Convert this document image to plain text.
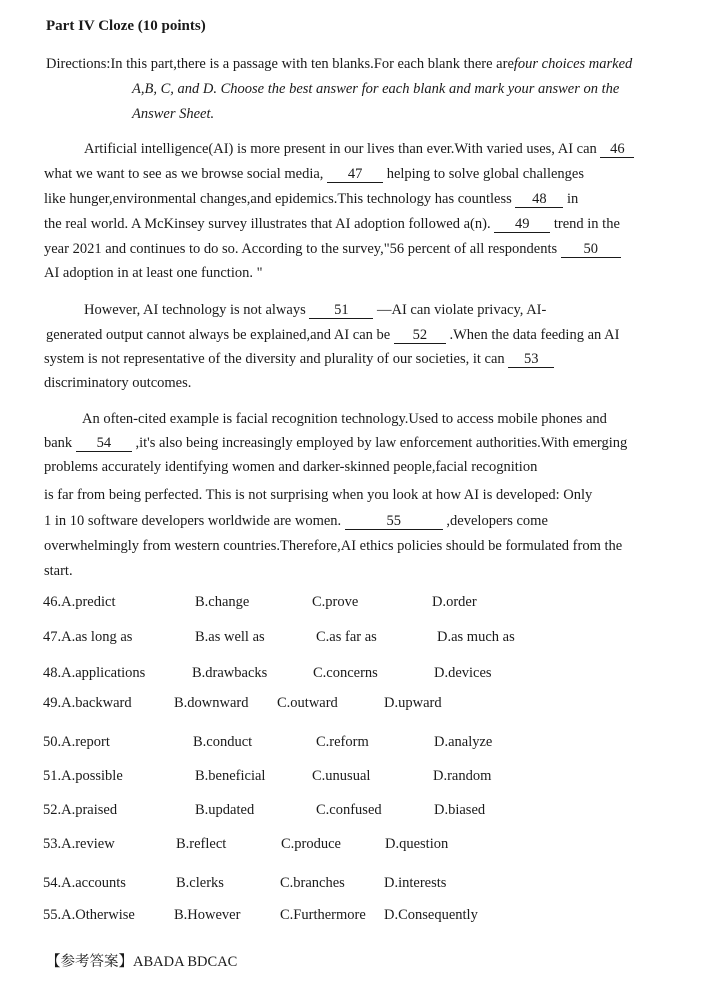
Part IV Cloze (10 points)
Directions:In this part,there is a passage with ten blanks.For each blank there arefour choices marked
A,B, C, and D. Choose the best answer for each blank and mark your answer on the
Answer Sheet.
Artificial intelligence(AI) is more present in our lives than ever.With varied uses, AI can 46
what we want to see as we browse social media, 47 helping to solve global challenges
like hunger,environmental changes,and epidemics.This technology has countless 48 in
the real world. A McKinsey survey illustrates that AI adoption followed a(n). 49 trend in the
year 2021 and continues to do so. According to the survey,"56 percent of all respondents 50
AI adoption in at least one function. "
However, AI technology is not always 51 —AI can violate privacy, AI-
generated output cannot always be explained,and AI can be 52 .When the data feeding an AI
system is not representative of the diversity and plurality of our societies, it can 53
discriminatory outcomes.
An often-cited example is facial recognition technology.Used to access mobile phones and
bank 54 ,it's also being increasingly employed by law enforcement authorities.With emerging
problems accurately identifying women and darker-skinned people,facial recognition
is far from being perfected. This is not surprising when you look at how AI is developed: Only
1 in 10 software developers worldwide are women.	55	,developers come
overwhelmingly from western countries.Therefore,AI ethics policies should be formulated from the
start.
46.A.predict	B.change	C.prove	D.order
47.A.as long as	B.as well as	C.as far as	D.as much as
48.A.applications	B.drawbacks	C.concerns	D.devices
49.A.backward	B.downward C.outward	D.upward
50.A.report	B.conduct	C.reform	D.analyze
51.A.possible	B.beneficial	C.unusual	D.random
52.A.praised	B.updated	C.confused	D.biased
53.A.review	B.reflect	C.produce	D.question
54.A.accounts	B.clerks	C.branches	D.interests
55.A.Otherwise	B.However	C.Furthermore D.Consequently
【参考答案】ABADA BDCAC
